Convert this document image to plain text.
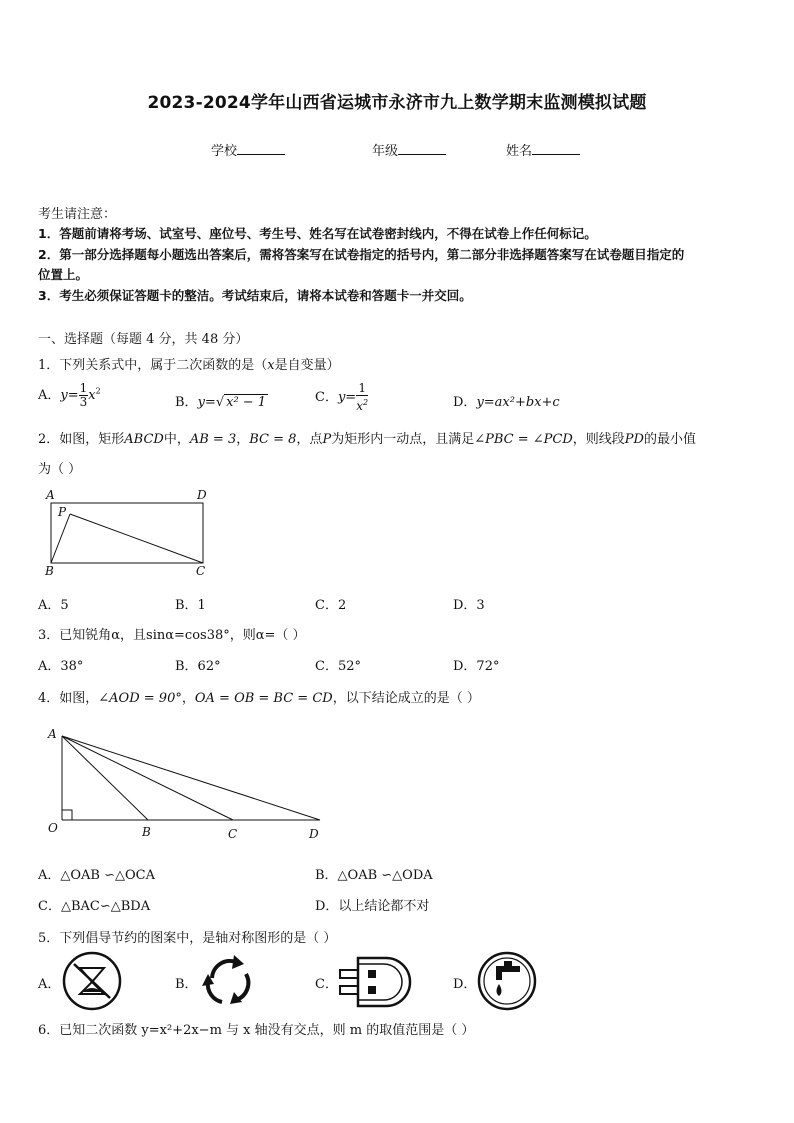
2023-2024学年山西省运城市永济市九上数学期末监测模拟试题
学校	年级	姓名
考生请注意：
1．答题前请将考场、试室号、座位号、考生号、姓名写在试卷密封线内，不得在试卷上作任何标记。
2．第一部分选择题每小题选出答案后，需将答案写在试卷指定的括号内，第二部分非选择题答案写在试卷题目指定的
位置上。
3．考生必须保证答题卡的整洁。考试结束后，请将本试卷和答题卡一并交回。
一、选择题（每题 4 分，共 48 分）
1．下列关系式中，属于二次函数的是（x是自变量）
A．$y= \frac{1}{3} x^2$
B．y=√ x² − 1	C．$y= \frac{1}{x^2}$	D．y=ax²+bx+c
2．如图，矩形ABCD中，AB = 3，BC = 8，点P为矩形内一动点，且满足∠PBC = ∠PCD，则线段PD的最小值
为（ ）
A	D
P
B	C
A．5	B．1	C．2	D．3
3．已知锐角α，且sinα=cos38°，则α=（ ）
A．38°	B．62°	C．52°	D．72°
4．如图，∠AOD = 90°，OA = OB = BC = CD，以下结论成立的是（ ）
A
O	B	C	D
A．△OAB ∽△OCA	B．△OAB ∽△ODA
C．△BAC∽△BDA	D．以上结论都不对
5．下列倡导节约的图案中，是轴对称图形的是（ ）
A．	B．	C．	D．
6．已知二次函数 y=x²+2x−m 与 x 轴没有交点，则 m 的取值范围是（ ）
